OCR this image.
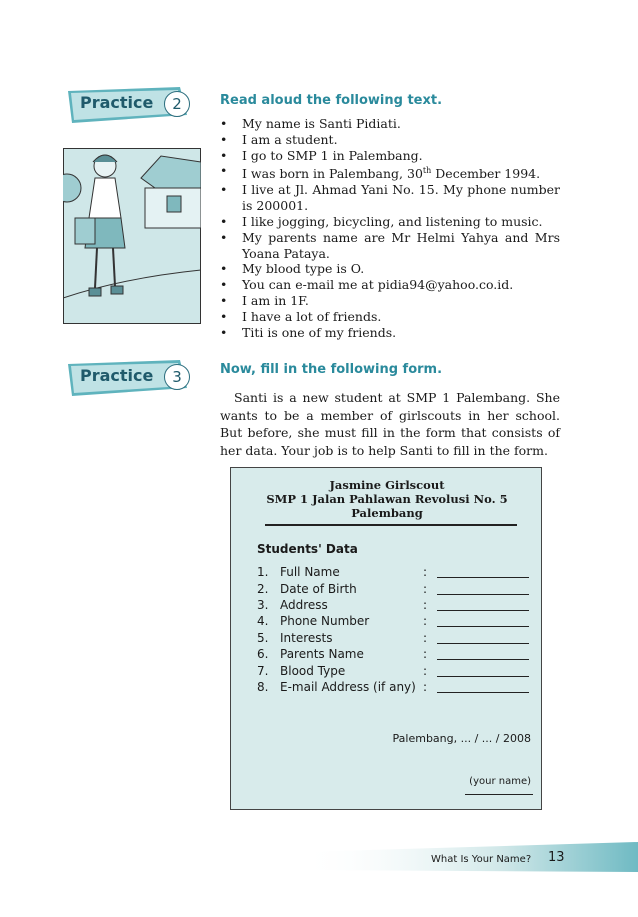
Practice	2	Read aloud the following text.
• My name is Santi Pidiati.
• I am a student.
• I go to SMP 1 in Palembang.
• I was born in Palembang, 30th December 1994.
• I live at Jl. Ahmad Yani No. 15. My phone number is 200001.
• I like jogging, bicycling, and listening to music.
• My parents name are Mr Helmi Yahya and Mrs Yoana Pataya.
• My blood type is O.
• You can e-mail me at pidia94@yahoo.co.id.
• I am in 1F.
• I have a lot of friends.
• Titi is one of my friends.
Practice	3	Now, fill in the following form.
Santi is a new student at SMP 1 Palembang. She wants to be a member of girlscouts in her school. But before, she must fill in the form that consists of her data. Your job is to help Santi to fill in the form.
Jasmine Girlscout
SMP 1 Jalan Pahlawan Revolusi No. 5
Palembang
Students' Data
1. Full Name	:
2. Date of Birth	:
3. Address	:
4. Phone Number	:
5. Interests	:
6. Parents Name	:
7. Blood Type	:
8. E-mail Address (if any) :
Palembang, ... / ... / 2008
(your name)
What Is Your Name? 13
